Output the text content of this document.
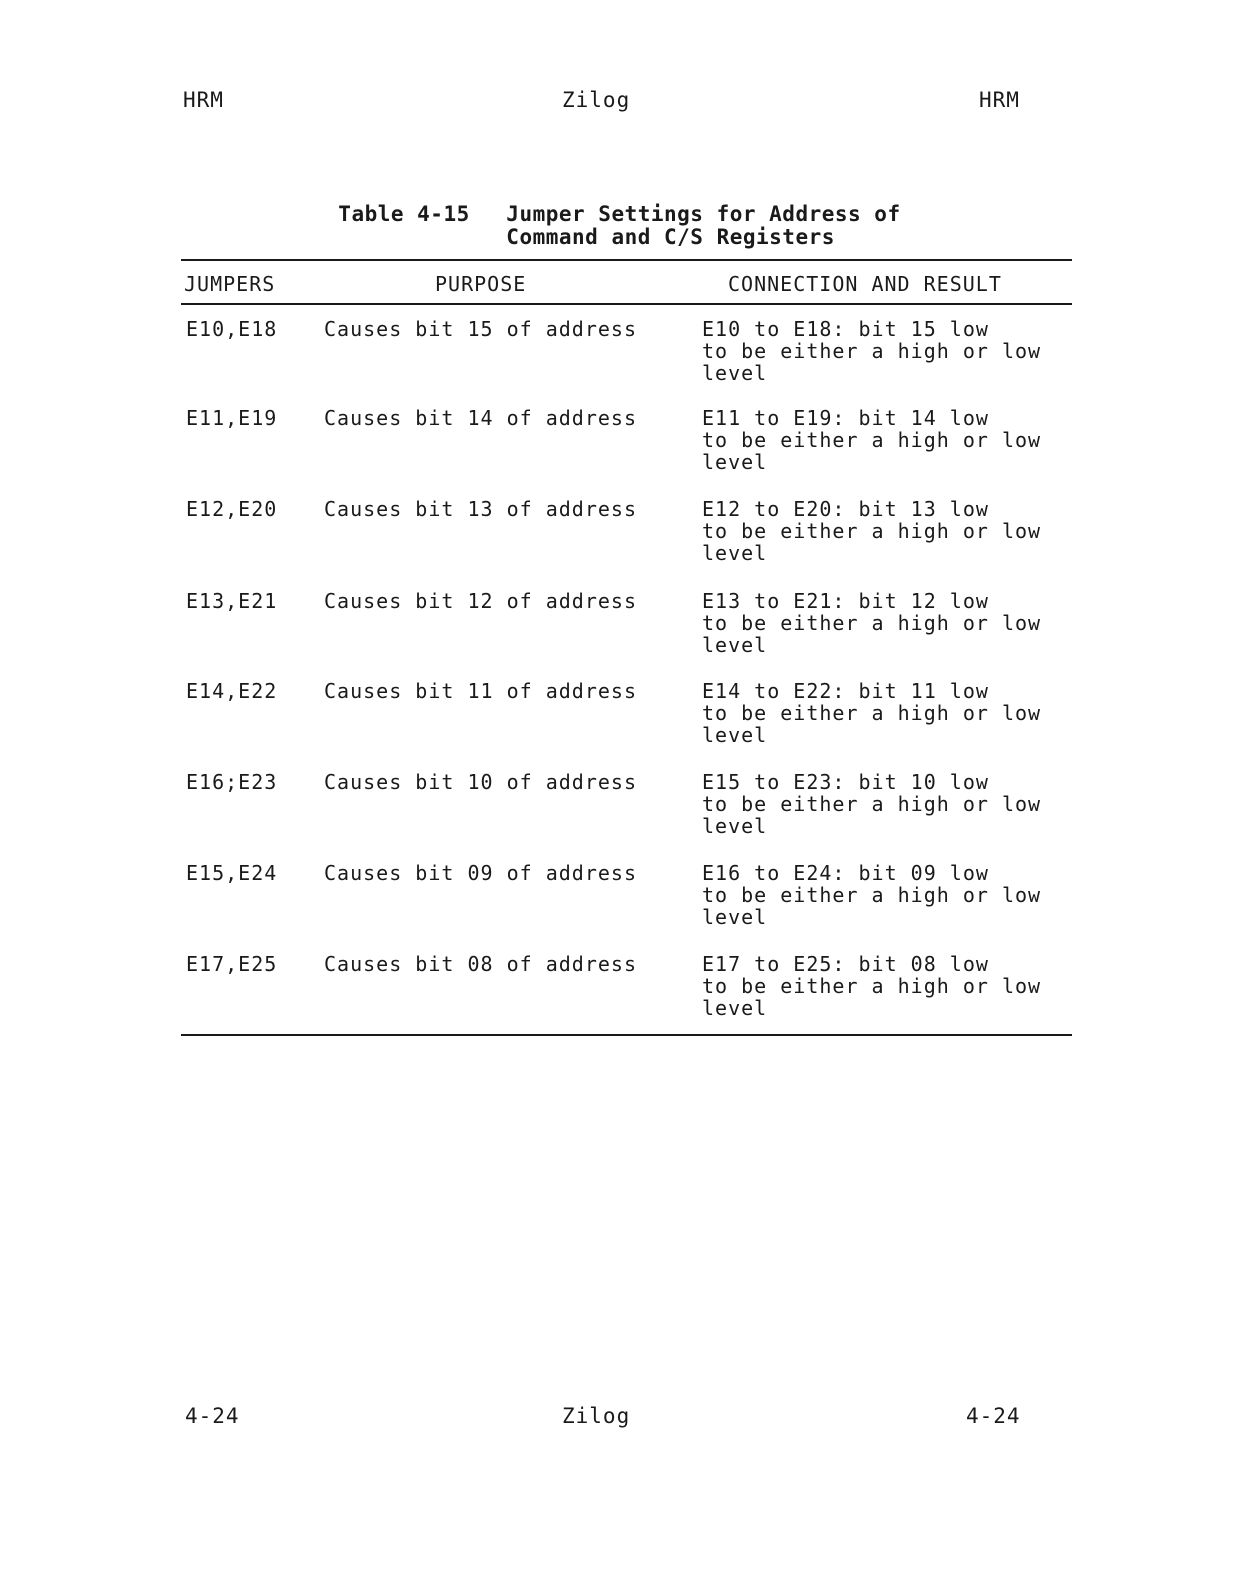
HRM	Zilog	HRM

Table 4-15 Jumper Settings for Address of
Command and C/S Registers

JUMPERS	PURPOSE	CONNECTION AND RESULT
E10,E18 Causes bit 15 of address	E10 to E18: bit 15 low
to be either a high or low
level
E11,E19 Causes bit 14 of address	E11 to E19: bit 14 low
to be either a high or low
level
E12,E20 Causes bit 13 of address	E12 to E20: bit 13 low
to be either a high or low
level
E13,E21 Causes bit 12 of address	E13 to E21: bit 12 low
to be either a high or low
level
E14,E22 Causes bit 11 of address	E14 to E22: bit 11 low
to be either a high or low
level
E16;E23 Causes bit 10 of address	E15 to E23: bit 10 low
to be either a high or low
level
E15,E24 Causes bit 09 of address	E16 to E24: bit 09 low
to be either a high or low
level
E17,E25 Causes bit 08 of address	E17 to E25: bit 08 low
to be either a high or low
level
4-24	Zilog	4-24
